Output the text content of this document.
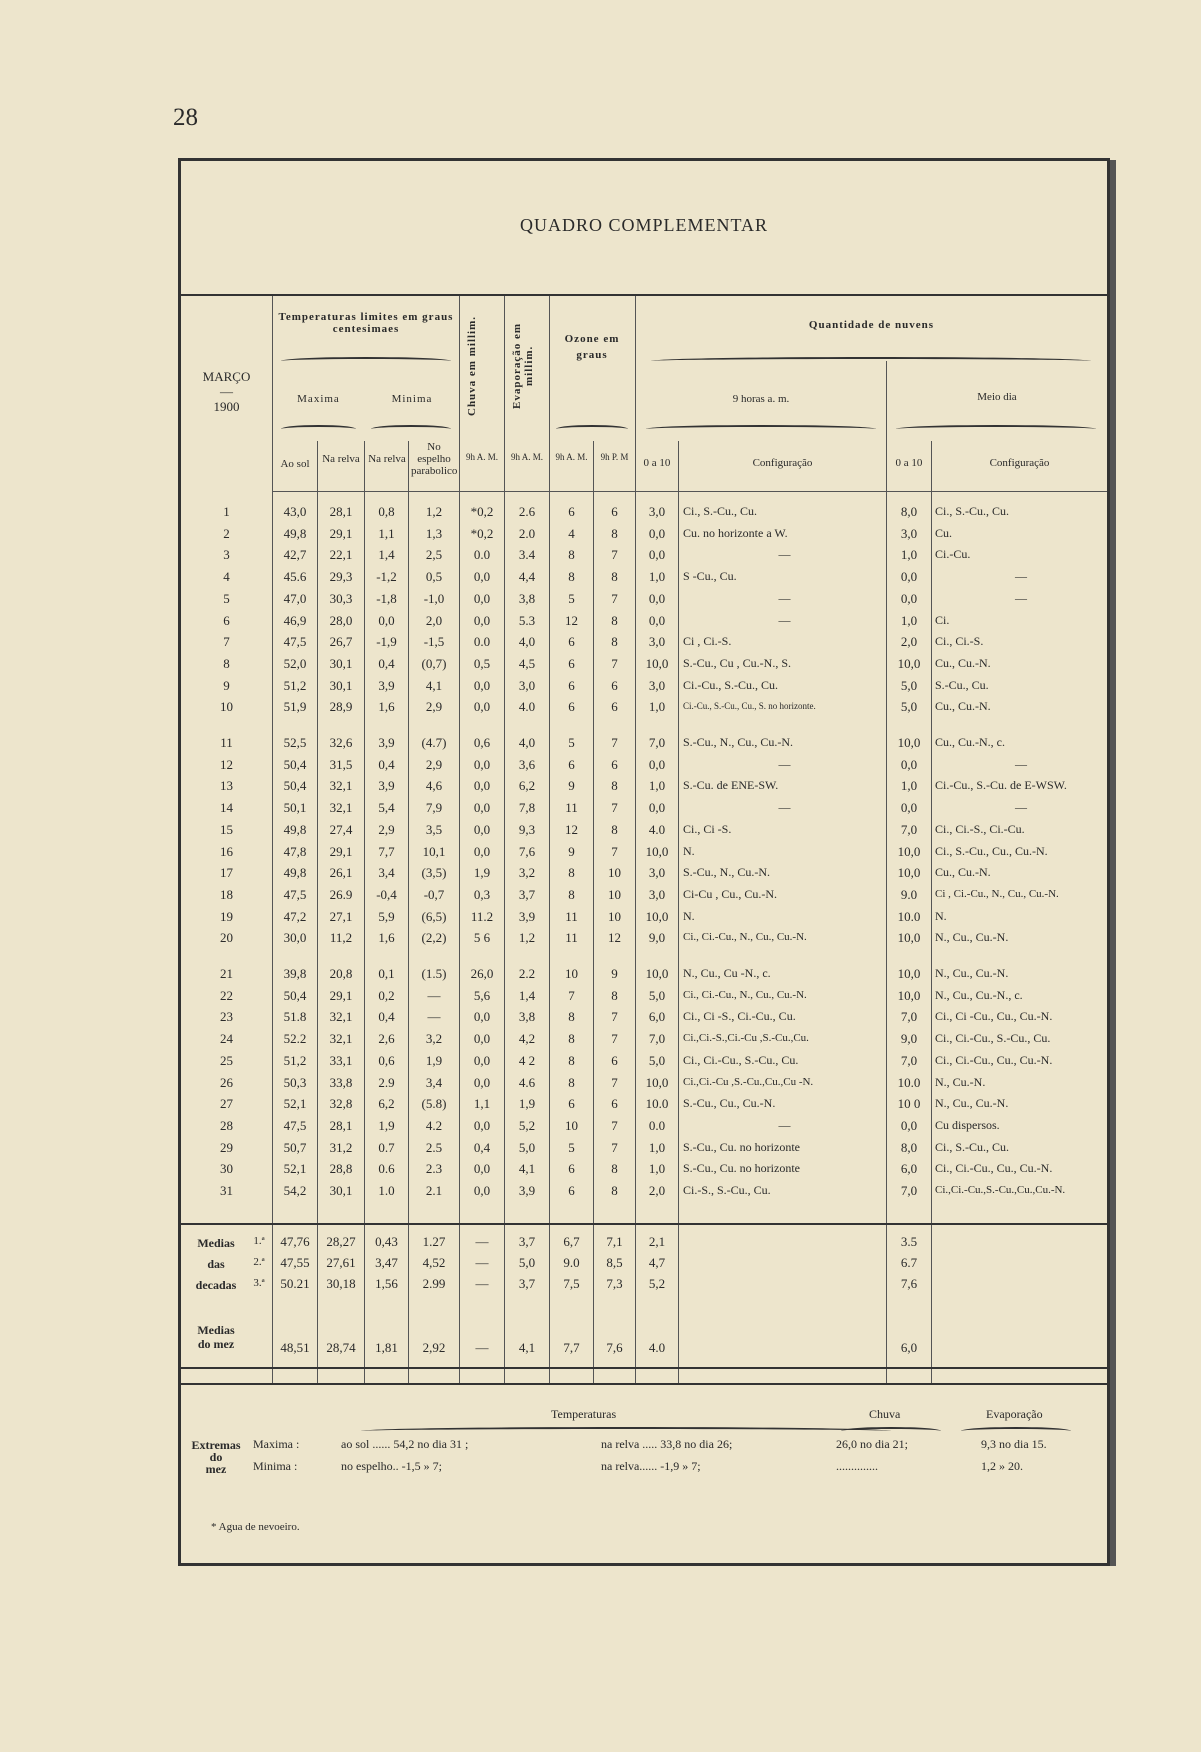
28
QUADRO COMPLEMENTAR
MARÇO
—
1900
Temperaturas limites em graus centesimaes
Maxima	Minima
Ao sol	Na relva Na relva
No espelho parabolico
Chuva em millim.	Evaporação em millim.
9h A. M.	9h A. M.
Ozone em graus
9h A. M.	9h P. M
Quantidade de nuvens
9 horas a. m.	Meio dia
0 a 10	Configuração	0 a 10	Configuração
1	43,0	28,1	0,8	1,2	*0,2	2.6	6	6	3,0	Ci., S.-Cu., Cu.	8,0	Ci., S.-Cu., Cu.
2	49,8	29,1	1,1	1,3	*0,2	2.0	4	8	0,0	Cu. no horizonte a W.	3,0	Cu.
3	42,7	22,1	1,4	2,5	0.0	3.4	8	7	0,0	—	1,0	Ci.-Cu.
4	45.6	29,3	-1,2	0,5	0,0	4,4	8	8	1,0	S -Cu., Cu.	0,0	—
5	47,0	30,3	-1,8	-1,0	0,0	3,8	5	7	0,0	—	0,0	—
6	46,9	28,0	0,0	2,0	0,0	5.3	12	8	0,0	—	1,0	Ci.
7	47,5	26,7	-1,9	-1,5	0.0	4,0	6	8	3,0	Ci , Ci.-S.	2,0	Ci., Ci.-S.
8	52,0	30,1	0,4	(0,7)	0,5	4,5	6	7	10,0	S.-Cu., Cu , Cu.-N., S.	10,0	Cu., Cu.-N.
9	51,2	30,1	3,9	4,1	0,0	3,0	6	6	3,0	Ci.-Cu., S.-Cu., Cu.	5,0	S.-Cu., Cu.
10	51,9	28,9	1,6	2,9	0,0	4.0	6	6	1,0	Ci.-Cu., S.-Cu., Cu., S. no horizonte.	5,0	Cu., Cu.-N.
11	52,5	32,6	3,9	(4.7)	0,6	4,0	5	7	7,0	S.-Cu., N., Cu., Cu.-N.	10,0	Cu., Cu.-N., c.
12	50,4	31,5	0,4	2,9	0,0	3,6	6	6	0,0	—	0,0	—
13	50,4	32,1	3,9	4,6	0,0	6,2	9	8	1,0	S.-Cu. de ENE-SW.	1,0	Ci.-Cu., S.-Cu. de E-WSW.
14	50,1	32,1	5,4	7,9	0,0	7,8	11	7	0,0	—	0,0	—
15	49,8	27,4	2,9	3,5	0,0	9,3	12	8	4.0	Ci., Ci -S.	7,0	Ci., Ci.-S., Ci.-Cu.
16	47,8	29,1	7,7	10,1	0,0	7,6	9	7	10,0	N.	10,0	Ci., S.-Cu., Cu., Cu.-N.
17	49,8	26,1	3,4	(3,5)	1,9	3,2	8	10	3,0	S.-Cu., N., Cu.-N.	10,0	Cu., Cu.-N.
18	47,5	26.9	-0,4	-0,7	0,3	3,7	8	10	3,0	Ci-Cu , Cu., Cu.-N.	9.0	Ci , Ci.-Cu., N., Cu., Cu.-N.
19	47,2	27,1	5,9	(6,5)	11.2	3,9	11	10	10,0	N.	10.0	N.
20	30,0	11,2	1,6	(2,2)	5 6	1,2	11	12	9,0	Ci., Ci.-Cu., N., Cu., Cu.-N.	10,0	N., Cu., Cu.-N.
21	39,8	20,8	0,1	(1.5)	26,0	2.2	10	9	10,0	N., Cu., Cu -N., c.	10,0	N., Cu., Cu.-N.
22	50,4	29,1	0,2	—	5,6	1,4	7	8	5,0	Ci., Ci.-Cu., N., Cu., Cu.-N.	10,0	N., Cu., Cu.-N., c.
23	51.8	32,1	0,4	—	0,0	3,8	8	7	6,0	Ci., Ci -S., Ci.-Cu., Cu.	7,0	Ci., Ci -Cu., Cu., Cu.-N.
24	52.2	32,1	2,6	3,2	0,0	4,2	8	7	7,0	Ci.,Ci.-S.,Ci.-Cu ,S.-Cu.,Cu.	9,0	Ci., Ci.-Cu., S.-Cu., Cu.
25	51,2	33,1	0,6	1,9	0,0	4 2	8	6	5,0	Ci., Ci.-Cu., S.-Cu., Cu.	7,0	Ci., Ci.-Cu., Cu., Cu.-N.
26	50,3	33,8	2.9	3,4	0,0	4.6	8	7	10,0	Ci.,Ci.-Cu ,S.-Cu.,Cu.,Cu -N.	10.0	N., Cu.-N.
27	52,1	32,8	6,2	(5.8)	1,1	1,9	6	6	10.0	S.-Cu., Cu., Cu.-N.	10 0	N., Cu., Cu.-N.
28	47,5	28,1	1,9	4.2	0,0	5,2	10	7	0.0	—	0,0	Cu dispersos.
29	50,7	31,2	0.7	2.5	0,4	5,0	5	7	1,0	S.-Cu., Cu. no horizonte	8,0	Ci., S.-Cu., Cu.
30	52,1	28,8	0.6	2.3	0,0	4,1	6	8	1,0	S.-Cu., Cu. no horizonte	6,0	Ci., Ci.-Cu., Cu., Cu.-N.
31	54,2	30,1	1.0	2.1	0,0	3,9	6	8	2,0	Ci.-S., S.-Cu., Cu.	7,0	Ci.,Ci.-Cu.,S.-Cu.,Cu.,Cu.-N.
Medias
das
decadas
1.ª	47,76	28,27	0,43	1.27	—	3,7	6,7	7,1	2,1	3.5
2.ª	47,55	27,61	3,47	4,52	—	5,0	9.0	8,5	4,7	6.7
3.ª	50.21	30,18	1,56	2.99	—	3,7	7,5	7,3	5,2	7,6
Medias
do mez	48,51	28,74	1,81	2,92	—	4,1	7,7	7,6	4.0	6,0
Temperaturas	Chuva	Evaporação
Extremas
do
mez
Maxima :
Minima :
ao sol ...... 54,2 no dia 31 ;	na relva ..... 33,8 no dia 26;	26,0 no dia 21;	9,3 no dia 15.
no espelho.. -1,5 » 7;	na relva...... -1,9 » 7;	..............	1,2 » 20.
* Agua de nevoeiro.
